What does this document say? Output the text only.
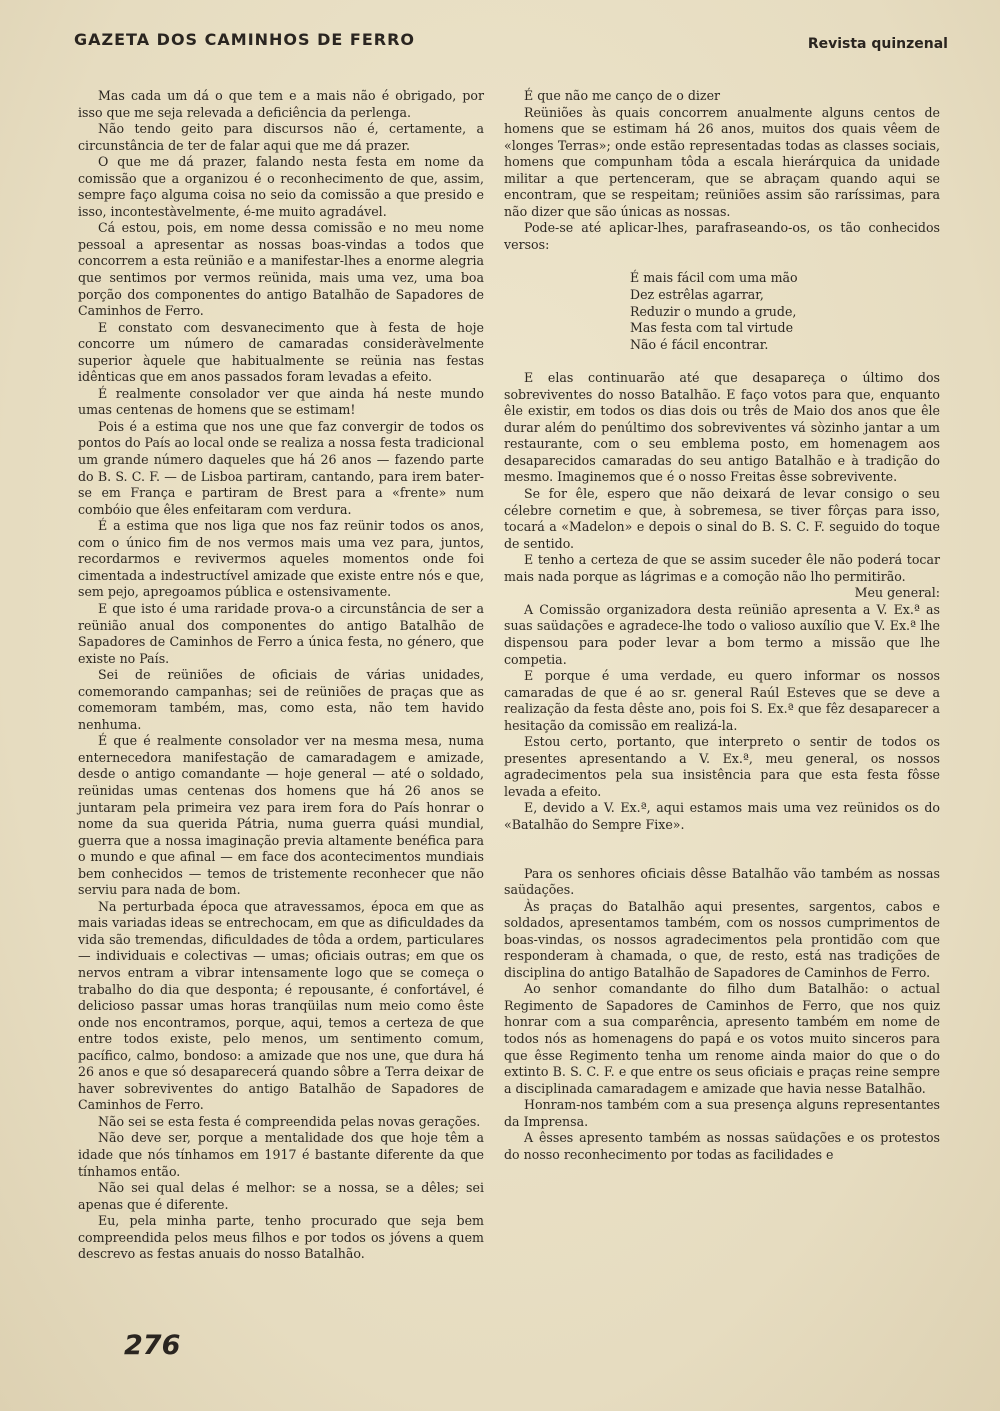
GAZETA DOS CAMINHOS DE FERRO	Revista quinzenal

Mas cada um dá o que tem e a mais não é obrigado, por isso que me seja relevada a deficiência da perlenga.

Não tendo geito para discursos não é, certamente, a circunstância de ter de falar aqui que me dá prazer.

O que me dá prazer, falando nesta festa em nome da comissão que a organizou é o reconhecimento de que, assim, sempre faço alguma coisa no seio da comissão a que presido e isso, incontestàvelmente, é-me muito agradável.

Cá estou, pois, em nome dessa comissão e no meu nome pessoal a apresentar as nossas boas-vindas a todos que concorrem a esta reünião e a manifestar-lhes a enorme alegria que sentimos por vermos reünida, mais uma vez, uma boa porção dos componentes do antigo Batalhão de Sapadores de Caminhos de Ferro.

E constato com desvanecimento que à festa de hoje concorre um número de camaradas consideràvelmente superior àquele que habitualmente se reünia nas festas idênticas que em anos passados foram levadas a efeito.

É realmente consolador ver que ainda há neste mundo umas centenas de homens que se estimam!

Pois é a estima que nos une que faz convergir de todos os pontos do País ao local onde se realiza a nossa festa tradicional um grande número daqueles que há 26 anos — fazendo parte do B. S. C. F. — de Lisboa partiram, cantando, para irem bater-se em França e partiram de Brest para a «frente» num combóio que êles enfeitaram com verdura.

É a estima que nos liga que nos faz reünir todos os anos, com o único fim de nos vermos mais uma vez para, juntos, recordarmos e revivermos aqueles momentos onde foi cimentada a indestructível amizade que existe entre nós e que, sem pejo, apregoamos pública e ostensivamente.

E que isto é uma raridade prova-o a circunstância de ser a reünião anual dos componentes do antigo Batalhão de Sapadores de Caminhos de Ferro a única festa, no género, que existe no País.

Sei de reüniões de oficiais de várias unidades, comemorando campanhas; sei de reüniões de praças que as comemoram também, mas, como esta, não tem havido nenhuma.

É que é realmente consolador ver na mesma mesa, numa enternecedora manifestação de camaradagem e amizade, desde o antigo comandante — hoje general — até o soldado, reünidas umas centenas dos homens que há 26 anos se juntaram pela primeira vez para irem fora do País honrar o nome da sua querida Pátria, numa guerra quási mundial, guerra que a nossa imaginação previa altamente benéfica para o mundo e que afinal — em face dos acontecimentos mundiais bem conhecidos — temos de tristemente reconhecer que não serviu para nada de bom.

Na perturbada época que atravessamos, época em que as mais variadas ideas se entrechocam, em que as dificuldades da vida são tremendas, dificuldades de tôda a ordem, particulares — individuais e colectivas — umas; oficiais outras; em que os nervos entram a vibrar intensamente logo que se começa o trabalho do dia que desponta; é repousante, é confortável, é delicioso passar umas horas tranqüilas num meio como êste onde nos encontramos, porque, aqui, temos a certeza de que entre todos existe, pelo menos, um sentimento comum, pacífico, calmo, bondoso: a amizade que nos une, que dura há 26 anos e que só desaparecerá quando sôbre a Terra deixar de haver sobreviventes do antigo Batalhão de Sapadores de Caminhos de Ferro.

Não sei se esta festa é compreendida pelas novas gerações.

Não deve ser, porque a mentalidade dos que hoje têm a idade que nós tínhamos em 1917 é bastante diferente da que tínhamos então.

Não sei qual delas é melhor: se a nossa, se a dêles; sei apenas que é diferente.

Eu, pela minha parte, tenho procurado que seja bem compreendida pelos meus filhos e por todos os jóvens a quem descrevo as festas anuais do nosso Batalhão.

É que não me canço de o dizer

Reüniões às quais concorrem anualmente alguns centos de homens que se estimam há 26 anos, muitos dos quais vêem de «longes Terras»; onde estão representadas todas as classes sociais, homens que compunham tôda a escala hierárquica da unidade militar a que pertenceram, que se abraçam quando aqui se encontram, que se respeitam; reüniões assim são raríssimas, para não dizer que são únicas as nossas.

Pode-se até aplicar-lhes, parafraseando-os, os tão conhecidos versos:

É mais fácil com uma mão
Dez estrêlas agarrar,
Reduzir o mundo a grude,
Mas festa com tal virtude
Não é fácil encontrar.

E elas continuarão até que desapareça o último dos sobreviventes do nosso Batalhão. E faço votos para que, enquanto êle existir, em todos os dias dois ou três de Maio dos anos que êle durar além do penúltimo dos sobreviventes vá sòzinho jantar a um restaurante, com o seu emblema posto, em homenagem aos desaparecidos camaradas do seu antigo Batalhão e à tradição do mesmo. Imaginemos que é o nosso Freitas êsse sobrevivente.

Se for êle, espero que não deixará de levar consigo o seu célebre cornetim e que, à sobremesa, se tiver fôrças para isso, tocará a «Madelon» e depois o sinal do B. S. C. F. seguido do toque de sentido.

E tenho a certeza de que se assim suceder êle não poderá tocar mais nada porque as lágrimas e a comoção não lho permitirão.

Meu general:

A Comissão organizadora desta reünião apresenta a V. Ex.ª as suas saüdações e agradece-lhe todo o valioso auxílio que V. Ex.ª lhe dispensou para poder levar a bom termo a missão que lhe competia.

E porque é uma verdade, eu quero informar os nossos camaradas de que é ao sr. general Raúl Esteves que se deve a realização da festa dêste ano, pois foi S. Ex.ª que fêz desaparecer a hesitação da comissão em realizá-la.

Estou certo, portanto, que interpreto o sentir de todos os presentes apresentando a V. Ex.ª, meu general, os nossos agradecimentos pela sua insistência para que esta festa fôsse levada a efeito.

E, devido a V. Ex.ª, aqui estamos mais uma vez reünidos os do «Batalhão do Sempre Fixe».

Para os senhores oficiais dêsse Batalhão vão também as nossas saüdações.

Às praças do Batalhão aqui presentes, sargentos, cabos e soldados, apresentamos também, com os nossos cumprimentos de boas-vindas, os nossos agradecimentos pela prontidão com que responderam à chamada, o que, de resto, está nas tradições de disciplina do antigo Batalhão de Sapadores de Caminhos de Ferro.

Ao senhor comandante do filho dum Batalhão: o actual Regimento de Sapadores de Caminhos de Ferro, que nos quiz honrar com a sua comparência, apresento também em nome de todos nós as homenagens do papá e os votos muito sinceros para que êsse Regimento tenha um renome ainda maior do que o do extinto B. S. C. F. e que entre os seus oficiais e praças reine sempre a disciplinada camaradagem e amizade que havia nesse Batalhão.

Honram-nos também com a sua presença alguns representantes da Imprensa.

A êsses apresento também as nossas saüdações e os protestos do nosso reconhecimento por todas as facilidades e

276
